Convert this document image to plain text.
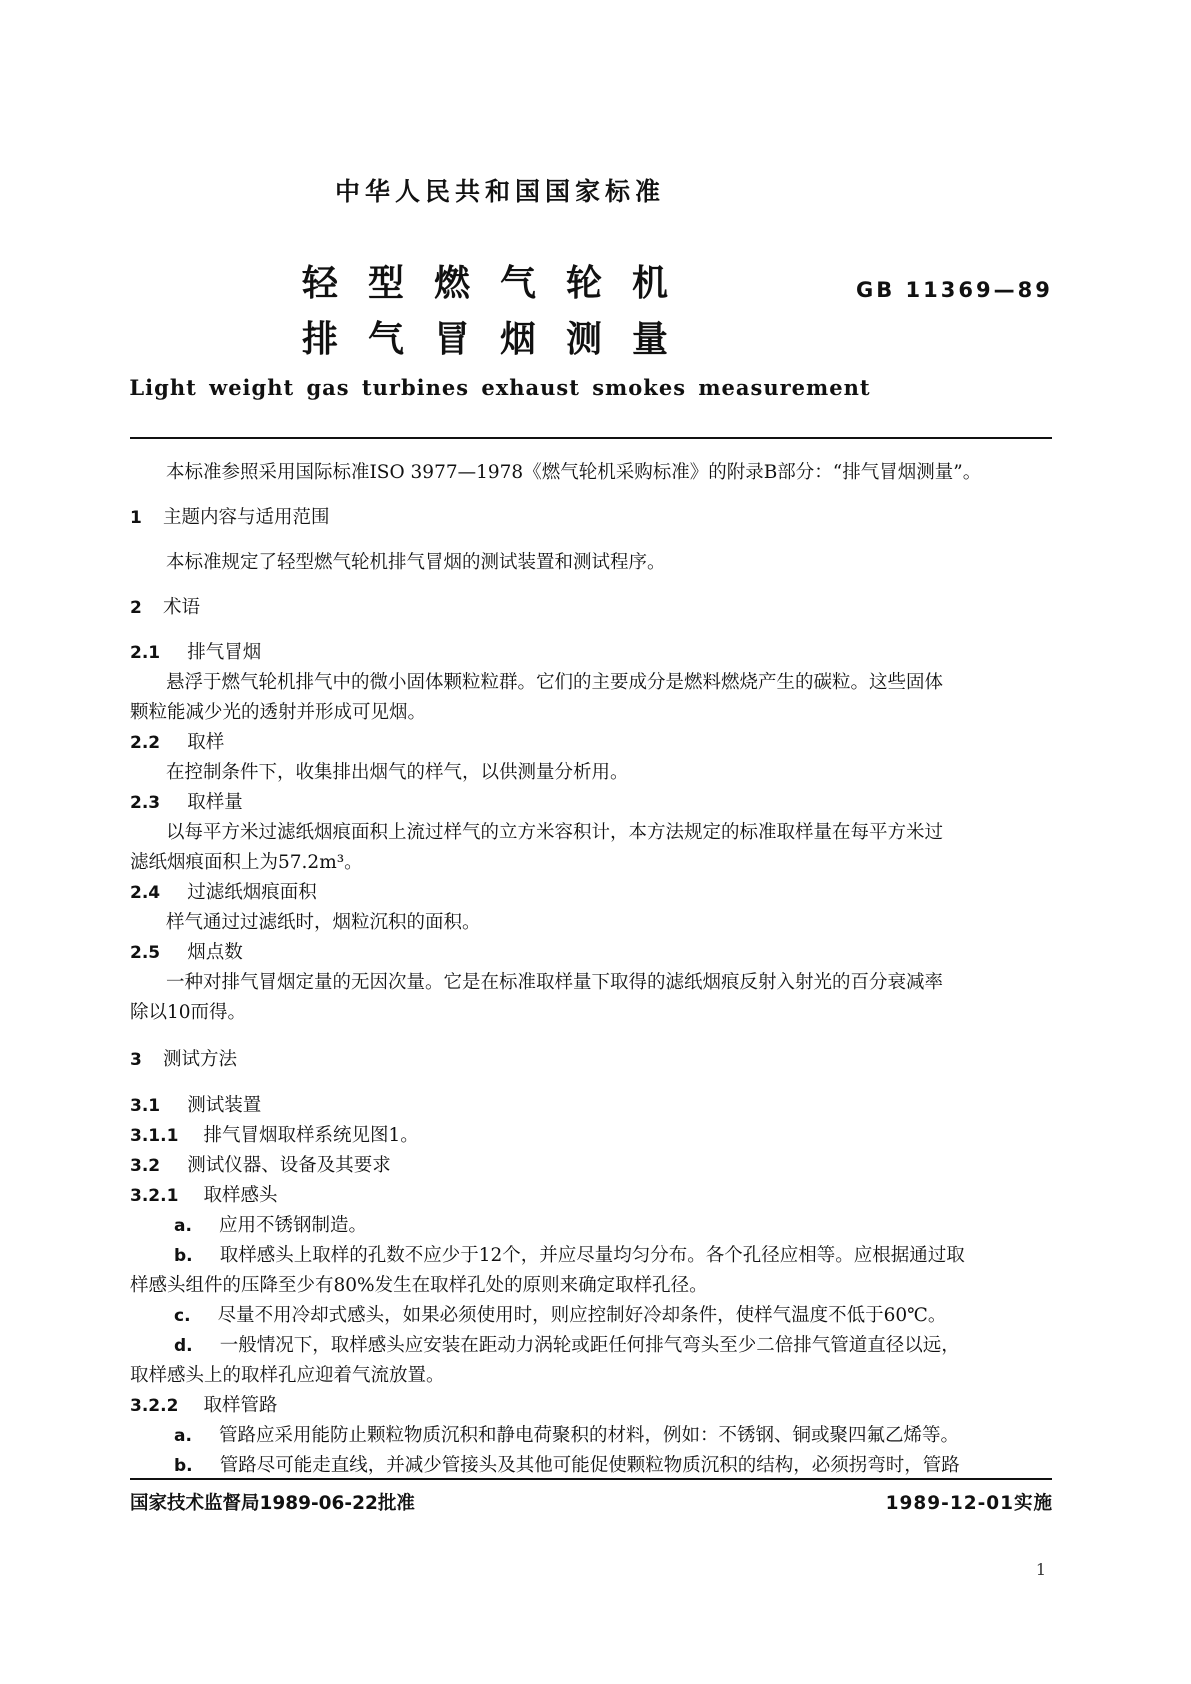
中华人民共和国国家标准
轻型燃气轮机
排气冒烟测量
GB 11369—89
Light weight gas turbines exhaust smokes measurement
本标准参照采用国际标准ISO 3977—1978《燃气轮机采购标准》的附录B部分：“排气冒烟测量”。
1 主题内容与适用范围
本标准规定了轻型燃气轮机排气冒烟的测试装置和测试程序。
2 术语
2.1 排气冒烟
悬浮于燃气轮机排气中的微小固体颗粒粒群。它们的主要成分是燃料燃烧产生的碳粒。这些固体
颗粒能减少光的透射并形成可见烟。
2.2 取样
在控制条件下，收集排出烟气的样气，以供测量分析用。
2.3 取样量
以每平方米过滤纸烟痕面积上流过样气的立方米容积计，本方法规定的标准取样量在每平方米过
滤纸烟痕面积上为57.2m³。
2.4 过滤纸烟痕面积
样气通过过滤纸时，烟粒沉积的面积。
2.5 烟点数
一种对排气冒烟定量的无因次量。它是在标准取样量下取得的滤纸烟痕反射入射光的百分衰减率
除以10而得。
3 测试方法
3.1 测试装置
3.1.1 排气冒烟取样系统见图1。
3.2 测试仪器、设备及其要求
3.2.1 取样感头
a. 应用不锈钢制造。
b. 取样感头上取样的孔数不应少于12个，并应尽量均匀分布。各个孔径应相等。应根据通过取
样感头组件的压降至少有80%发生在取样孔处的原则来确定取样孔径。
c. 尽量不用冷却式感头，如果必须使用时，则应控制好冷却条件，使样气温度不低于60℃。
d. 一般情况下，取样感头应安装在距动力涡轮或距任何排气弯头至少二倍排气管道直径以远，
取样感头上的取样孔应迎着气流放置。
3.2.2 取样管路
a. 管路应采用能防止颗粒物质沉积和静电荷聚积的材料，例如：不锈钢、铜或聚四氟乙烯等。
b. 管路尽可能走直线，并减少管接头及其他可能促使颗粒物质沉积的结构，必须拐弯时，管路
国家技术监督局1989-06-22批准	1989-12-01实施
1
